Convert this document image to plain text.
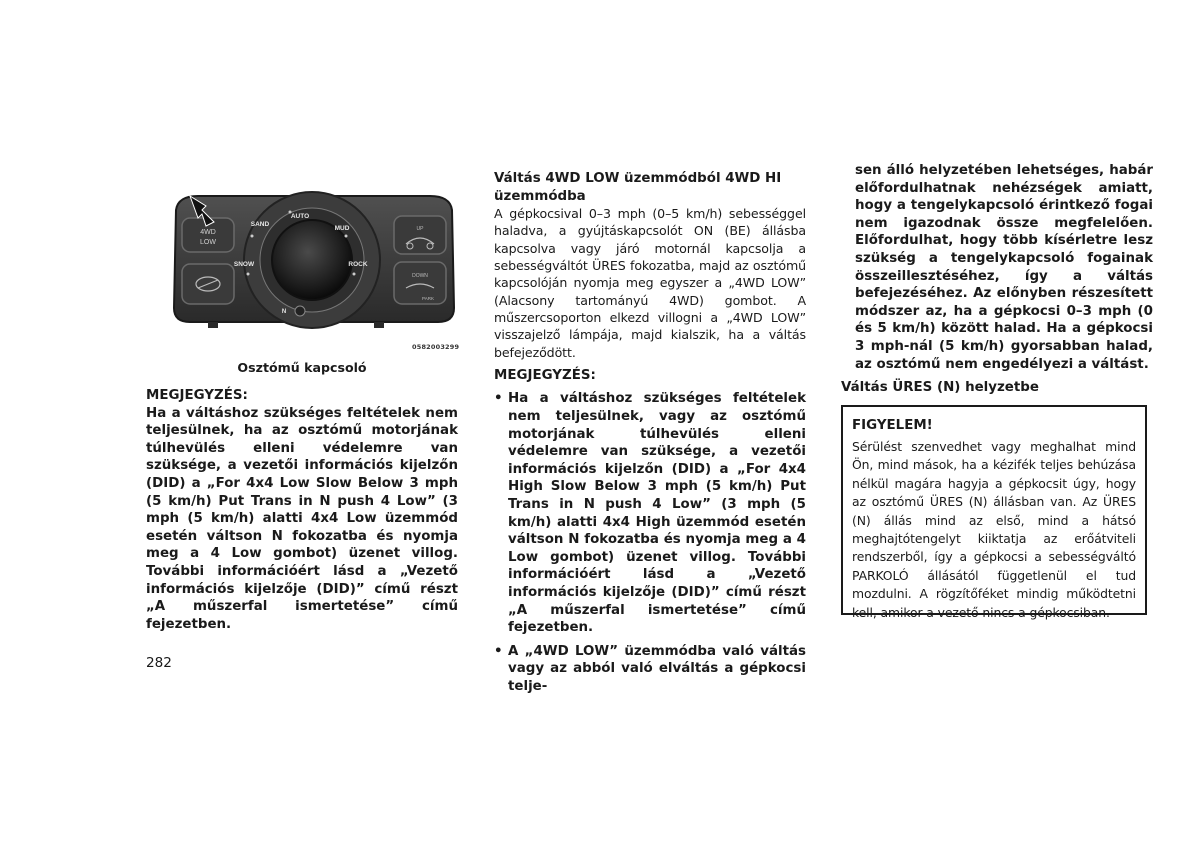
4WD
LOW
UP
DOWN
PARK
AUTO
SAND
MUD
SNOW	ROCK
N
0582003299
Osztómű kapcsoló

MEGJEGYZÉS:

Ha a váltáshoz szükséges feltételek nem teljesülnek, ha az osztómű motorjának túlhevülés elleni védelemre van szüksége, a vezetői információs kijelzőn (DID) a „For 4x4 Low Slow Below 3 mph (5 km/h) Put Trans in N push 4 Low” (3 mph (5 km/h) alatti 4x4 Low üzemmód esetén váltson N fokozatba és nyomja meg a 4 Low gombot) üzenet villog. További információért lásd a „Vezető információs kijelzője (DID)” című részt „A műszerfal ismertetése” című fejezetben.

Váltás 4WD LOW üzemmódból 4WD HI üzemmódba

A gépkocsival 0–3 mph (0–5 km/h) sebességgel haladva, a gyújtáskapcsolót ON (BE) állásba kapcsolva vagy járó motornál kapcsolja a sebességváltót ÜRES fokozatba, majd az osztómű kapcsolóján nyomja meg egyszer a „4WD LOW” (Alacsony tartományú 4WD) gombot. A műszercsoporton elkezd villogni a „4WD LOW” visszajelző lámpája, majd kialszik, ha a váltás befejeződött.

MEGJEGYZÉS:

• Ha a váltáshoz szükséges feltételek nem teljesülnek, vagy az osztómű motorjának túlhevülés elleni védelemre van szüksége, a vezetői információs kijelzőn (DID) a „For 4x4 High Slow Below 3 mph (5 km/h) Put Trans in N push 4 Low” (3 mph (5 km/h) alatti 4x4 High üzemmód esetén váltson N fokozatba és nyomja meg a 4 Low gombot) üzenet villog. További információért lásd a „Vezető információs kijelzője (DID)” című részt „A műszerfal ismertetése” című fejezetben.
• A „4WD LOW” üzemmódba való váltás vagy az abból való elváltás a gépkocsi telje-

sen álló helyzetében lehetséges, habár előfordulhatnak nehézségek amiatt, hogy a tengelykapcsoló érintkező fogai nem igazodnak össze megfelelően. Előfordulhat, hogy több kísérletre lesz szükség a tengelykapcsoló fogainak összeillesztéséhez, így a váltás befejezéséhez. Az előnyben részesített módszer az, ha a gépkocsi 0–3 mph (0 és 5 km/h) között halad. Ha a gépkocsi 3 mph-nál (5 km/h) gyorsabban halad, az osztómű nem engedélyezi a váltást.

Váltás ÜRES (N) helyzetbe

FIGYELEM!

Sérülést szenvedhet vagy meghalhat mind Ön, mind mások, ha a kézifék teljes behúzása nélkül magára hagyja a gépkocsit úgy, hogy az osztómű ÜRES (N) állásban van. Az ÜRES (N) állás mind az első, mind a hátsó meghajtótengelyt kiiktatja az erőátviteli rendszerből, így a gépkocsi a sebességváltó PARKOLÓ állásától függetlenül el tud mozdulni. A rögzítőféket mindig működtetni kell, amikor a vezető nincs a gépkocsiban.

282
